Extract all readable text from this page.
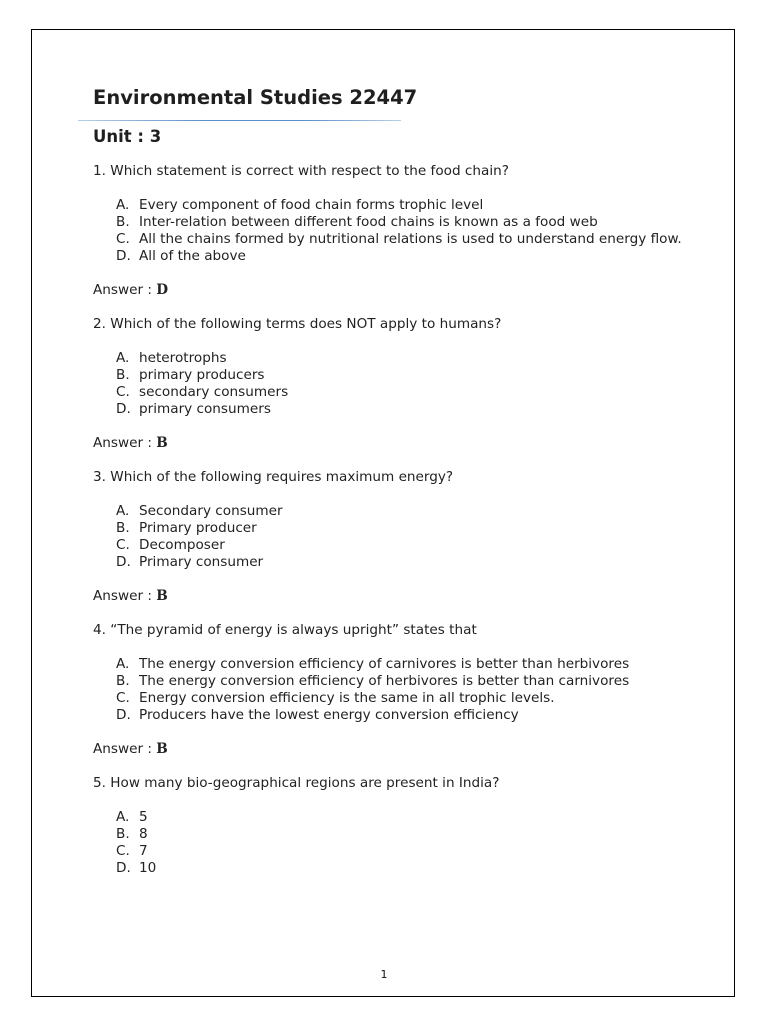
Environmental Studies 22447
Unit : 3

1. Which statement is correct with respect to the food chain?

A. Every component of food chain forms trophic level
B. Inter-relation between different food chains is known as a food web
C. All the chains formed by nutritional relations is used to understand energy flow.
D. All of the above

Answer : D

2. Which of the following terms does NOT apply to humans?

A. heterotrophs
B. primary producers
C. secondary consumers
D. primary consumers

Answer : B

3. Which of the following requires maximum energy?

A. Secondary consumer
B. Primary producer
C. Decomposer
D. Primary consumer

Answer : B

4. “The pyramid of energy is always upright” states that

A. The energy conversion efficiency of carnivores is better than herbivores
B. The energy conversion efficiency of herbivores is better than carnivores
C. Energy conversion efficiency is the same in all trophic levels.
D. Producers have the lowest energy conversion efficiency

Answer : B

5. How many bio-geographical regions are present in India?

A. 5
B. 8
C. 7
D. 10
1
